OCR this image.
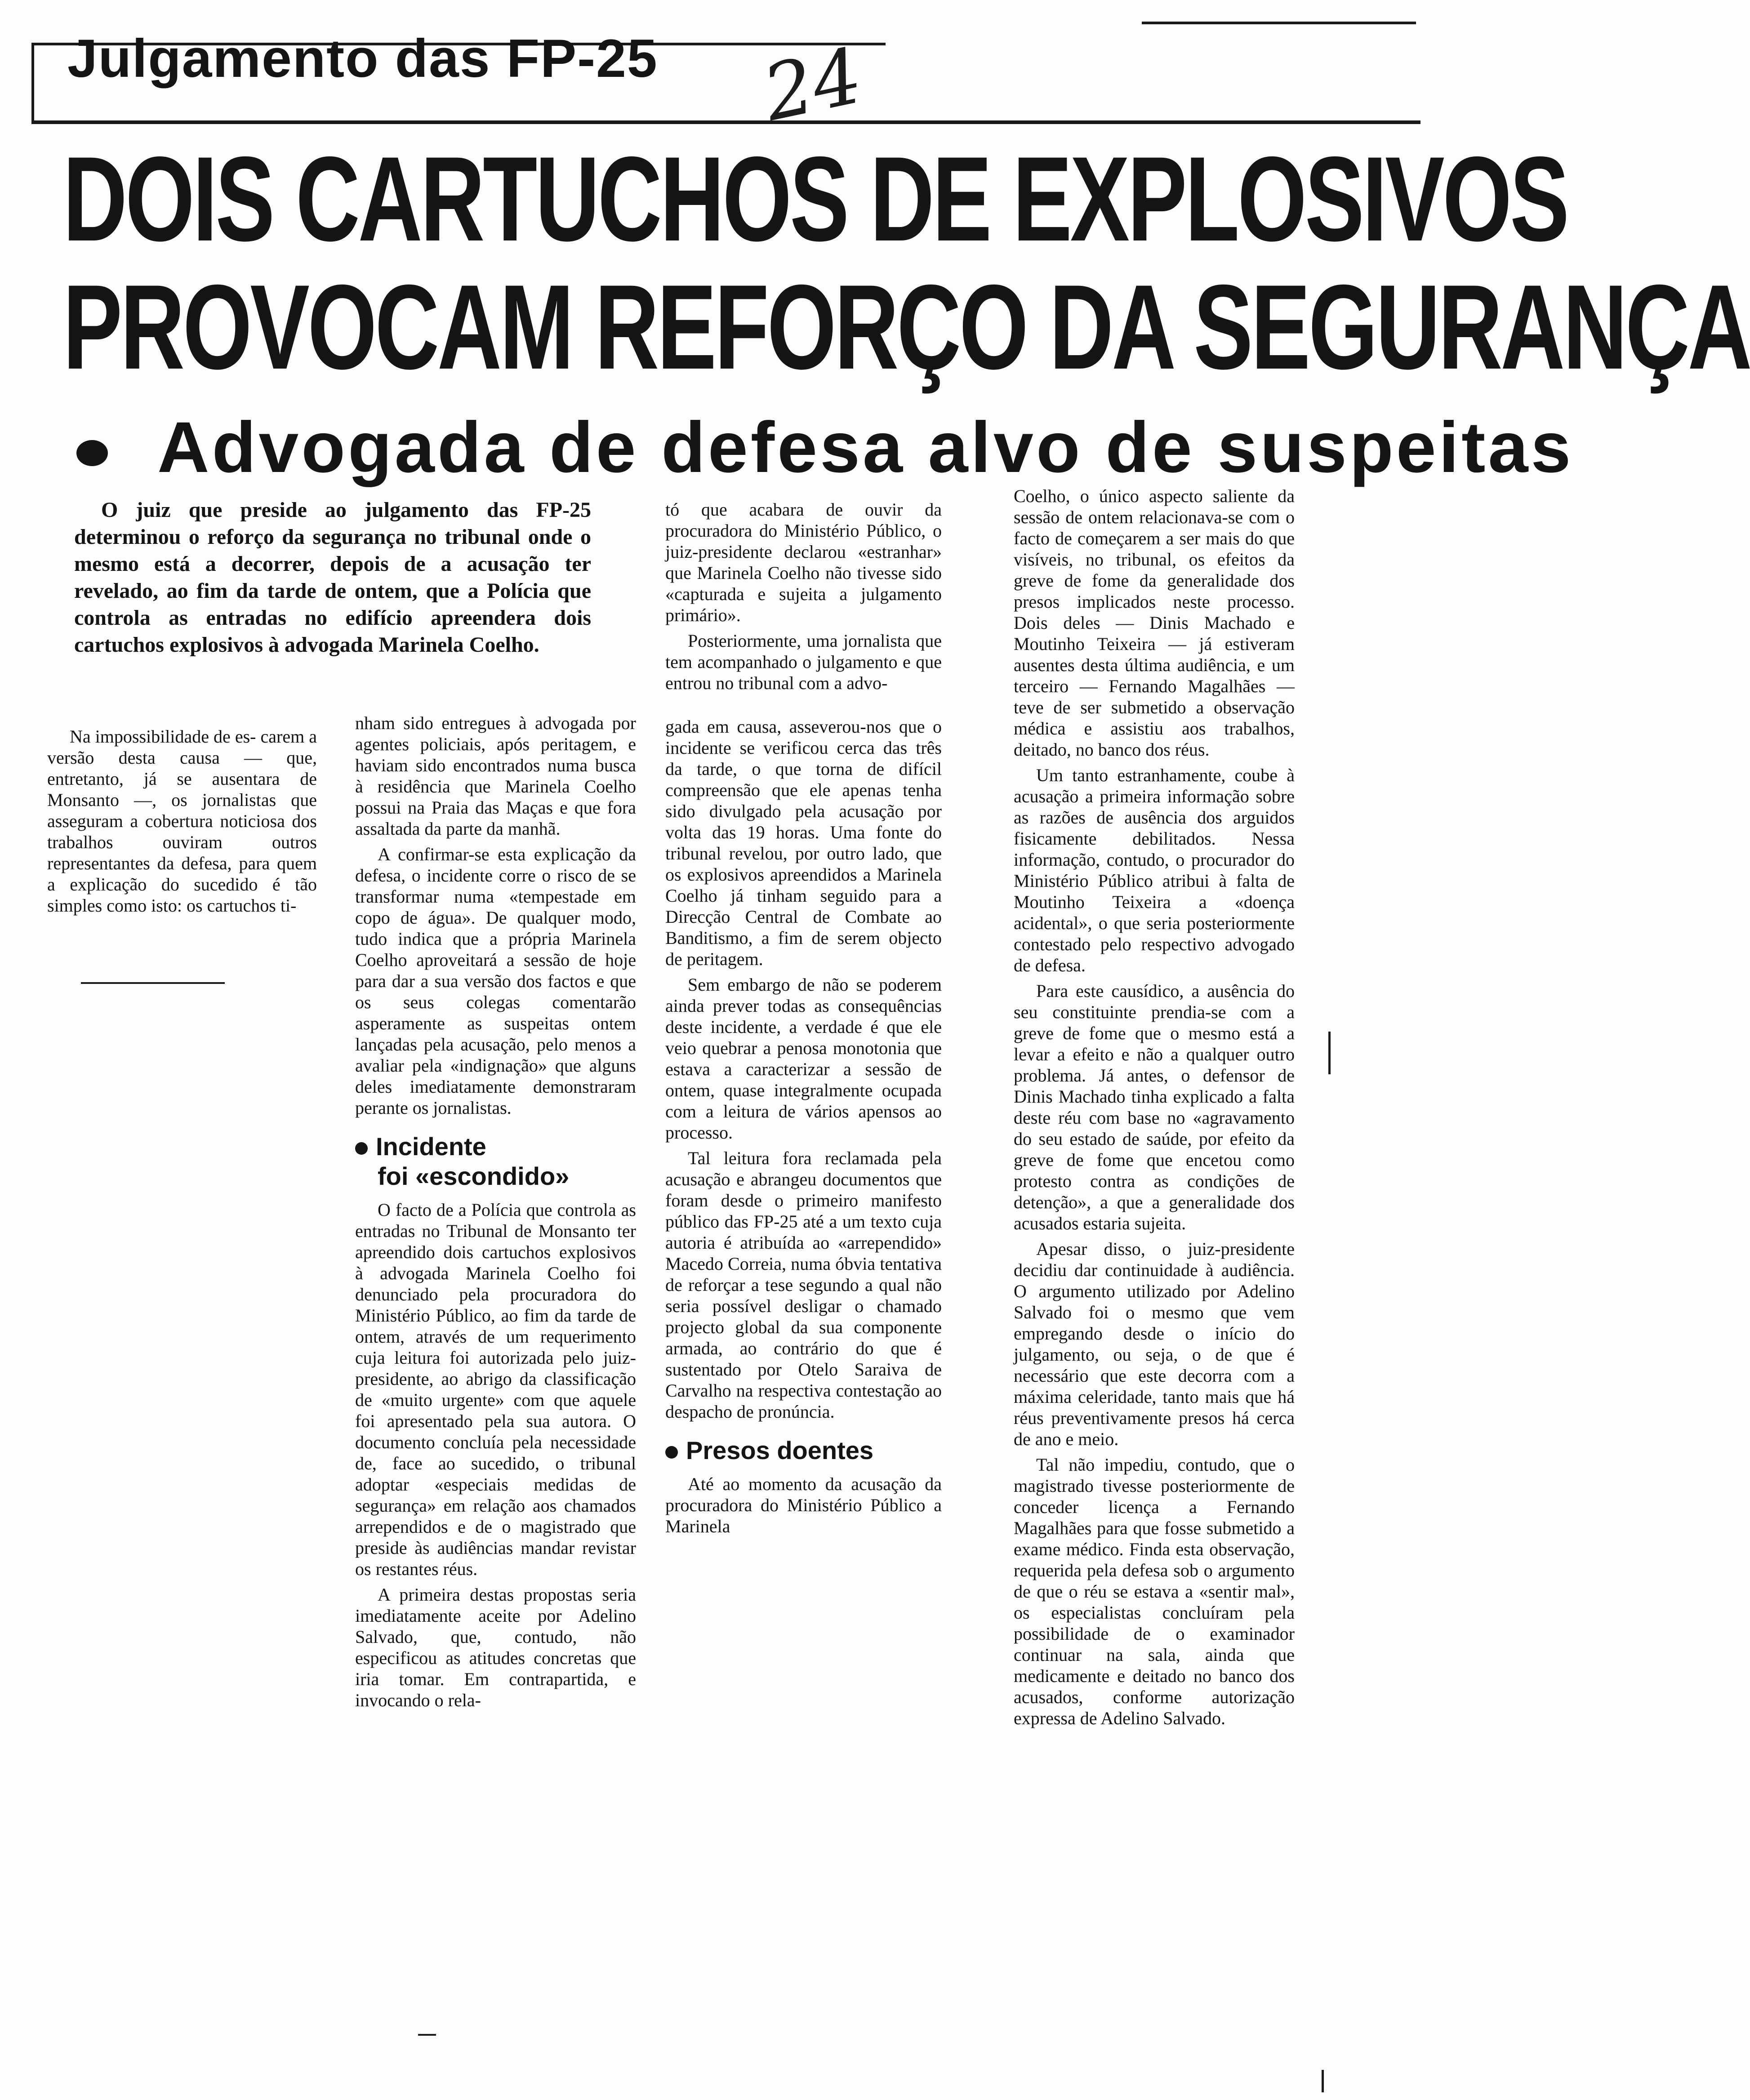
Julgamento das FP-25 24
DOIS CARTUCHOS DE EXPLOSIVOS
PROVOCAM REFORÇO DA SEGURANÇA
Advogada de defesa alvo de suspeitas

O juiz que preside ao julgamento das FP-25 determinou o reforço da segurança no tribunal onde o mesmo está a decorrer, depois de a acusação ter revelado, ao fim da tarde de ontem, que a Polícia que controla as entradas no edifício apreendera dois cartuchos explosivos à advogada Marinela Coelho.

Na impossibilidade de es- carem a versão desta causa — que, entretanto, já se ausentara de Monsanto —, os jornalistas que asseguram a cobertura noticiosa dos trabalhos ouviram outros representantes da defesa, para quem a explicação do sucedido é tão simples como isto: os cartuchos ti-

nham sido entregues à advogada por agentes policiais, após peritagem, e haviam sido encontrados numa busca à residência que Marinela Coelho possui na Praia das Maças e que fora assaltada da parte da manhã.

A confirmar-se esta explicação da defesa, o incidente corre o risco de se transformar numa «tempestade em copo de água». De qualquer modo, tudo indica que a própria Marinela Coelho aproveitará a sessão de hoje para dar a sua versão dos factos e que os seus colegas comentarão asperamente as suspeitas ontem lançadas pela acusação, pelo menos a avaliar pela «indignação» que alguns deles imediatamente demonstraram perante os jornalistas.

Incidente
foi «escondido»

O facto de a Polícia que controla as entradas no Tribunal de Monsanto ter apreendido dois cartuchos explosivos à advogada Marinela Coelho foi denunciado pela procuradora do Ministério Público, ao fim da tarde de ontem, através de um requerimento cuja leitura foi autorizada pelo juiz-presidente, ao abrigo da classificação de «muito urgente» com que aquele foi apresentado pela sua autora. O documento concluía pela necessidade de, face ao sucedido, o tribunal adoptar «especiais medidas de segurança» em relação aos chamados arrependidos e de o magistrado que preside às audiências mandar revistar os restantes réus.

A primeira destas propostas seria imediatamente aceite por Adelino Salvado, que, contudo, não especificou as atitudes concretas que iria tomar. Em contrapartida, e invocando o rela-

tó que acabara de ouvir da procuradora do Ministério Público, o juiz-presidente declarou «estranhar» que Marinela Coelho não tivesse sido «capturada e sujeita a julgamento primário».

Posteriormente, uma jornalista que tem acompanhado o julgamento e que entrou no tribunal com a advo-

gada em causa, asseverou-nos que o incidente se verificou cerca das três da tarde, o que torna de difícil compreensão que ele apenas tenha sido divulgado pela acusação por volta das 19 horas. Uma fonte do tribunal revelou, por outro lado, que os explosivos apreendidos a Marinela Coelho já tinham seguido para a Direcção Central de Combate ao Banditismo, a fim de serem objecto de peritagem.

Sem embargo de não se poderem ainda prever todas as consequências deste incidente, a verdade é que ele veio quebrar a penosa monotonia que estava a caracterizar a sessão de ontem, quase integralmente ocupada com a leitura de vários apensos ao processo.

Tal leitura fora reclamada pela acusação e abrangeu documentos que foram desde o primeiro manifesto público das FP-25 até a um texto cuja autoria é atribuída ao «arrependido» Macedo Correia, numa óbvia tentativa de reforçar a tese segundo a qual não seria possível desligar o chamado projecto global da sua componente armada, ao contrário do que é sustentado por Otelo Saraiva de Carvalho na respectiva contestação ao despacho de pronúncia.

Presos doentes

Até ao momento da acusação da procuradora do Ministério Público a Marinela

Coelho, o único aspecto saliente da sessão de ontem relacionava-se com o facto de começarem a ser mais do que visíveis, no tribunal, os efeitos da greve de fome da generalidade dos presos implicados neste processo. Dois deles — Dinis Machado e Moutinho Teixeira — já estiveram ausentes desta última audiência, e um terceiro — Fernando Magalhães — teve de ser submetido a observação médica e assistiu aos trabalhos, deitado, no banco dos réus.

Um tanto estranhamente, coube à acusação a primeira informação sobre as razões de ausência dos arguidos fisicamente debilitados. Nessa informação, contudo, o procurador do Ministério Público atribui à falta de Moutinho Teixeira a «doença acidental», o que seria posteriormente contestado pelo respectivo advogado de defesa.

Para este causídico, a ausência do seu constituinte prendia-se com a greve de fome que o mesmo está a levar a efeito e não a qualquer outro problema. Já antes, o defensor de Dinis Machado tinha explicado a falta deste réu com base no «agravamento do seu estado de saúde, por efeito da greve de fome que encetou como protesto contra as condições de detenção», a que a generalidade dos acusados estaria sujeita.

Apesar disso, o juiz-presidente decidiu dar continuidade à audiência. O argumento utilizado por Adelino Salvado foi o mesmo que vem empregando desde o início do julgamento, ou seja, o de que é necessário que este decorra com a máxima celeridade, tanto mais que há réus preventivamente presos há cerca de ano e meio.

Tal não impediu, contudo, que o magistrado tivesse posteriormente de conceder licença a Fernando Magalhães para que fosse submetido a exame médico. Finda esta observação, requerida pela defesa sob o argumento de que o réu se estava a «sentir mal», os especialistas concluíram pela possibilidade de o examinador continuar na sala, ainda que medicamente e deitado no banco dos acusados, conforme autorização expressa de Adelino Salvado.
